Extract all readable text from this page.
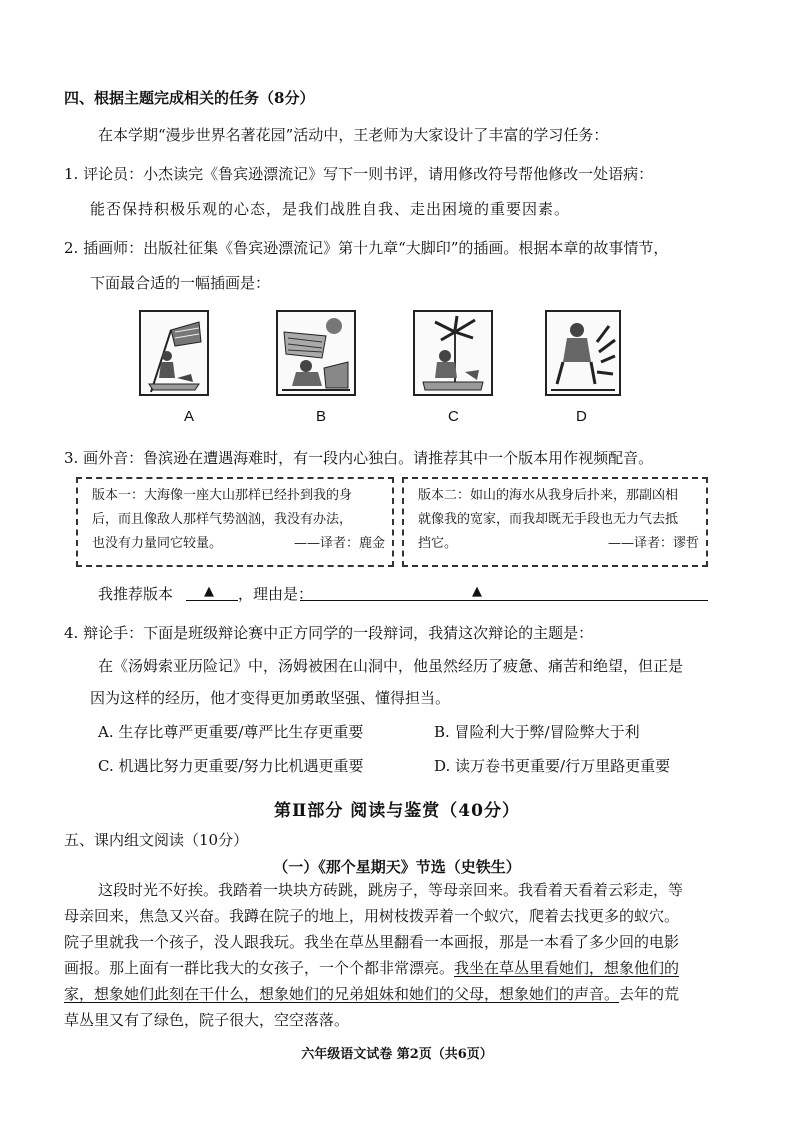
四、根据主题完成相关的任务（8分）
在本学期“漫步世界名著花园”活动中，王老师为大家设计了丰富的学习任务：
1. 评论员：小杰读完《鲁宾逊漂流记》写下一则书评，请用修改符号帮他修改一处语病：
能否保持积极乐观的心态，是我们战胜自我、走出困境的重要因素。
2. 插画师：出版社征集《鲁宾逊漂流记》第十九章“大脚印”的插画。根据本章的故事情节，
下面最合适的一幅插画是：
A	B	C	D
3. 画外音：鲁滨逊在遭遇海难时，有一段内心独白。请推荐其中一个版本用作视频配音。

版本一：大海像一座大山那样已经扑到我的身

后，而且像敌人那样气势汹汹，我没有办法，

也没有力量同它较量。	——译者：鹿金

版本二：如山的海水从我身后扑来，那副凶相

就像我的宽家，而我却既无手段也无力气去抵

挡它。	——译者：谬哲

我推荐版本 ▲ ，理由是：	▲
4. 辩论手：下面是班级辩论赛中正方同学的一段辩词，我猜这次辩论的主题是：
在《汤姆索亚历险记》中，汤姆被困在山洞中，他虽然经历了疲惫、痛苦和绝望，但正是
因为这样的经历，他才变得更加勇敢坚强、懂得担当。
A. 生存比尊严更重要/尊严比生存更重要	B. 冒险利大于弊/冒险弊大于利
C. 机遇比努力更重要/努力比机遇更重要	D. 读万卷书更重要/行万里路更重要
第Ⅱ部分 阅读与鉴赏（40分）
五、课内组文阅读（10分）
（一）《那个星期天》节选（史铁生）
这段时光不好挨。我踏着一块块方砖跳，跳房子，等母亲回来。我看着天看着云彩走，等
母亲回来，焦急又兴奋。我蹲在院子的地上，用树枝拨弄着一个蚁穴，爬着去找更多的蚁穴。
院子里就我一个孩子，没人跟我玩。我坐在草丛里翻看一本画报，那是一本看了多少回的电影
画报。那上面有一群比我大的女孩子，一个个都非常漂亮。我坐在草丛里看她们，想象他们的
家，想象她们此刻在干什么，想象她们的兄弟姐妹和她们的父母，想象她们的声音。去年的荒
草丛里又有了绿色，院子很大，空空落落。
六年级语文试卷 第2页（共6页）
